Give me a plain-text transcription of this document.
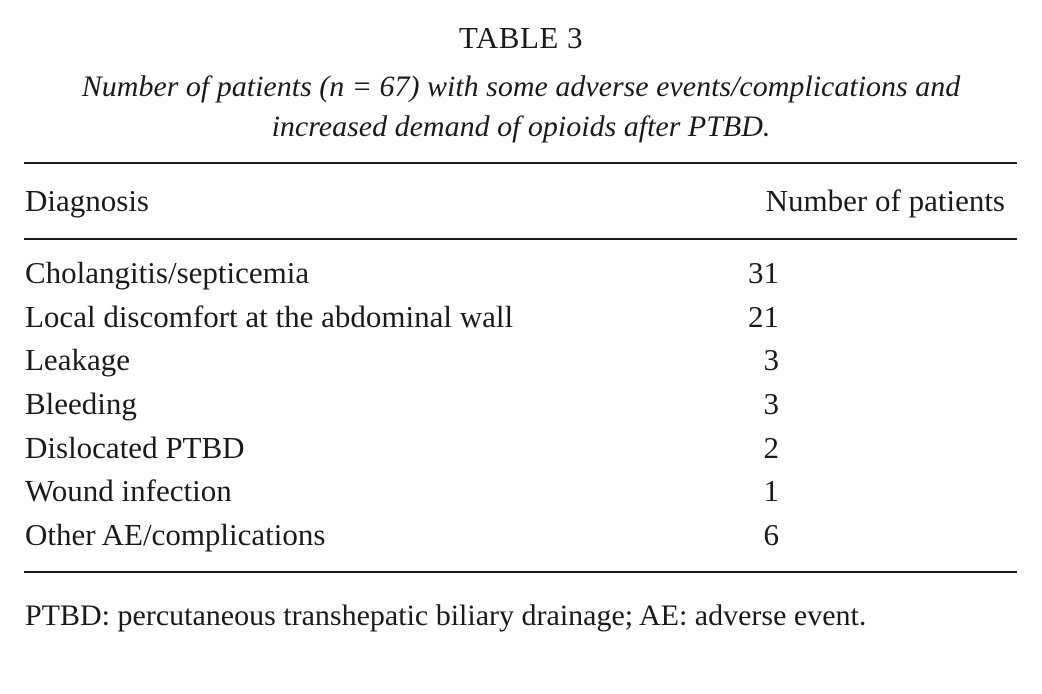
TABLE 3
Number of patients (n = 67) with some adverse events/complications and
increased demand of opioids after PTBD.
Diagnosis	Number of patients
Cholangitis/septicemia	31
Local discomfort at the abdominal wall	21
Leakage	3
Bleeding	3
Dislocated PTBD	2
Wound infection	1
Other AE/complications	6
PTBD: percutaneous transhepatic biliary drainage; AE: adverse event.
